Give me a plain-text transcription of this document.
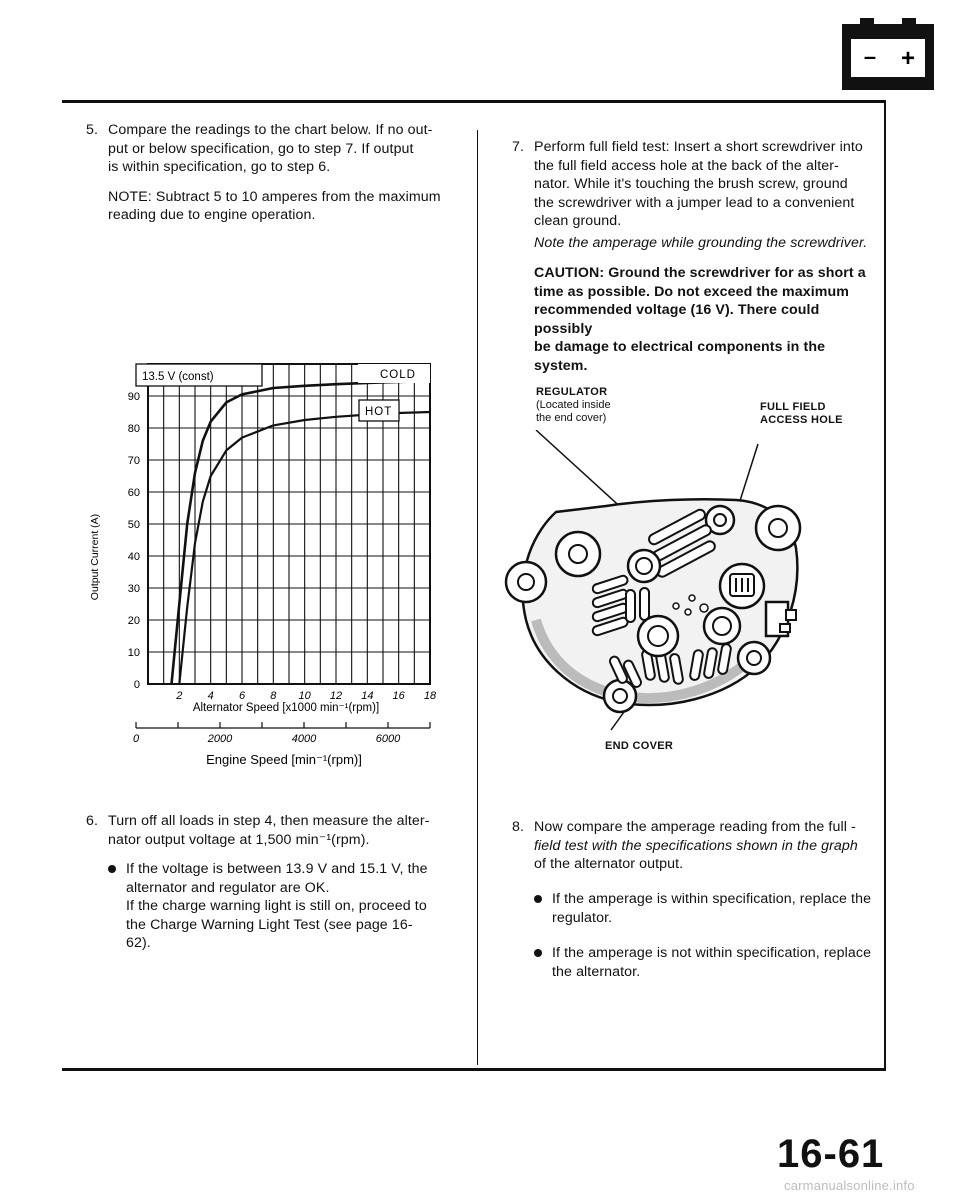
– +
5. Compare the readings to the chart below. If no out-
put or below specification, go to step 7. If output
is within specification, go to step 6.
NOTE: Subtract 5 to 10 amperes from the maximum
reading due to engine operation.
0
10
20
30
40
50
60
70
80
90
2 4 6 8 10 12 14 16 18
0	2000	4000	6000
Output Current (A)
Alternator Speed [x1000 min⁻¹(rpm)]
Engine Speed [min⁻¹(rpm)]
13.5 V (const)	COLD
HOT
6. Turn off all loads in step 4, then measure the alter-
nator output voltage at 1,500 min⁻¹(rpm).
If the voltage is between 13.9 V and 15.1 V, the
alternator and regulator are OK.
If the charge warning light is still on, proceed to
the Charge Warning Light Test (see page 16-
62).
7. Perform full field test: Insert a short screwdriver into
the full field access hole at the back of the alter-
nator. While it's touching the brush screw, ground
the screwdriver with a jumper lead to a convenient
clean ground.
Note the amperage while grounding the screwdriver.
CAUTION: Ground the screwdriver for as short a
time as possible. Do not exceed the maximum
recommended voltage (16 V). There could possibly
be damage to electrical components in the system.
REGULATOR
(Located inside
the end cover)
FULL FIELD
ACCESS HOLE
END COVER
8. Now compare the amperage reading from the full -
field test with the specifications shown in the graph
of the alternator output.
If the amperage is within specification, replace the
regulator.
If the amperage is not within specification, replace
the alternator.
16-61
carmanualsonline.info
